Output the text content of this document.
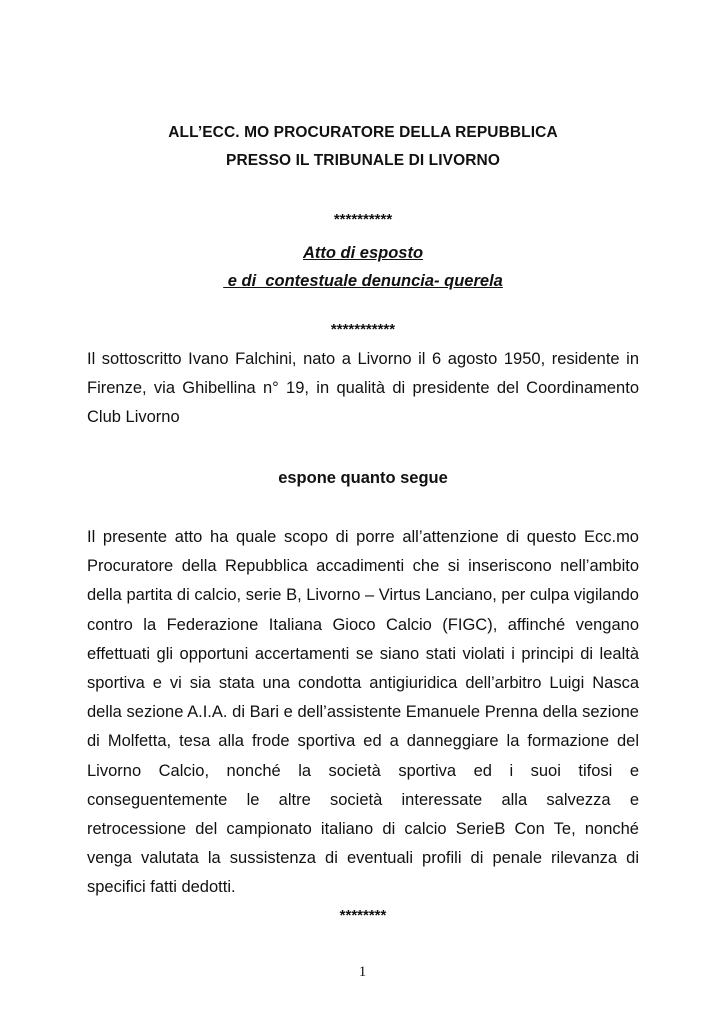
ALL’ECC. MO PROCURATORE DELLA REPUBBLICA
PRESSO IL TRIBUNALE DI LIVORNO
**********
Atto di esposto
e di  contestuale denuncia- querela
***********
Il sottoscritto Ivano Falchini, nato a Livorno il 6 agosto 1950, residente in Firenze, via Ghibellina n° 19, in qualità di presidente del Coordinamento Club Livorno
espone quanto segue
Il presente atto ha quale scopo di porre all’attenzione di questo Ecc.mo Procuratore della Repubblica accadimenti che si inseriscono nell’ambito della partita di calcio, serie B, Livorno – Virtus Lanciano, per culpa vigilando contro la Federazione Italiana Gioco Calcio (FIGC), affinché vengano effettuati gli opportuni accertamenti se siano stati violati i principi di lealtà sportiva e vi sia stata una condotta antigiuridica dell’arbitro Luigi Nasca della sezione A.I.A. di Bari e dell’assistente Emanuele Prenna della sezione di Molfetta, tesa alla frode sportiva ed a danneggiare la formazione del Livorno Calcio, nonché la società sportiva ed i suoi tifosi e conseguentemente le altre società interessate alla salvezza e retrocessione del campionato italiano di calcio SerieB Con Te, nonché venga valutata la sussistenza di eventuali profili di penale rilevanza di specifici fatti dedotti.
********
1
